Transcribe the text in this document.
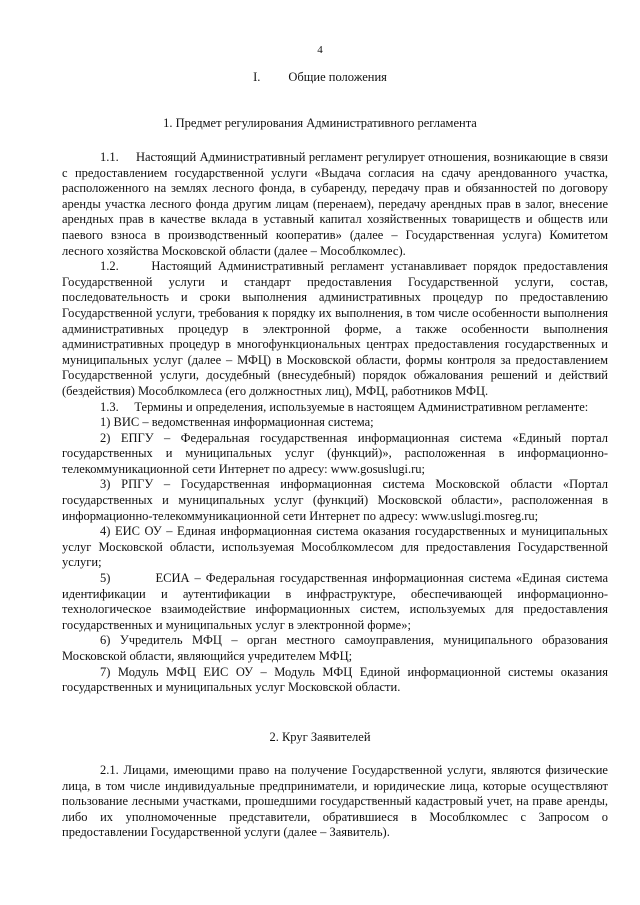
4
I. Общие положения
1. Предмет регулирования Административного регламента

1.1.     Настоящий Административный регламент регулирует отношения, возникающие в связи с предоставлением государственной услуги «Выдача согласия на сдачу арендованного участка, расположенного на землях лесного фонда, в субаренду, передачу прав и обязанностей по договору аренды участка лесного фонда другим лицам (перенаем), передачу арендных прав в залог, внесение арендных прав в качестве вклада в уставный капитал хозяйственных товариществ и обществ или паевого взноса в производственный кооператив» (далее – Государственная услуга) Комитетом лесного хозяйства Московской области (далее – Мособлкомлес).

1.2.     Настоящий Административный регламент устанавливает порядок предоставления Государственной услуги и стандарт предоставления Государственной услуги, состав, последовательность и сроки выполнения административных процедур по предоставлению Государственной услуги, требования к порядку их выполнения, в том числе особенности выполнения административных процедур в электронной форме, а также особенности выполнения административных процедур в многофункциональных центрах предоставления государственных и муниципальных услуг (далее – МФЦ) в Московской области, формы контроля за предоставлением Государственной услуги, досудебный (внесудебный) порядок обжалования решений и действий (бездействия) Мособлкомлеса (его должностных лиц), МФЦ, работников МФЦ.

1.3.     Термины и определения, используемые в настоящем Административном регламенте:

1) ВИС – ведомственная информационная система;

2) ЕПГУ – Федеральная государственная информационная система «Единый портал государственных и муниципальных услуг (функций)», расположенная в информационно-телекоммуникационной сети Интернет по адресу: www.gosuslugi.ru;

3) РПГУ – Государственная информационная система Московской области «Портал государственных и муниципальных услуг (функций) Московской области», расположенная в информационно-телекоммуникационной сети Интернет по адресу: www.uslugi.mosreg.ru;

4) ЕИС ОУ – Единая информационная система оказания государственных и муниципальных услуг Московской области, используемая Мособлкомлесом для предоставления Государственной услуги;

5)         ЕСИА – Федеральная государственная информационная система «Единая система идентификации и аутентификации в инфраструктуре, обеспечивающей информационно-технологическое взаимодействие информационных систем, используемых для предоставления государственных и муниципальных услуг в электронной форме»;

6) Учредитель МФЦ – орган местного самоуправления, муниципального образования Московской области, являющийся учредителем МФЦ;

7) Модуль МФЦ ЕИС ОУ – Модуль МФЦ Единой информационной системы оказания государственных и муниципальных услуг Московской области.

2. Круг Заявителей

2.1. Лицами, имеющими право на получение Государственной услуги, являются физические лица, в том числе индивидуальные предприниматели, и юридические лица, которые осуществляют пользование лесными участками, прошедшими государственный кадастровый учет, на праве аренды, либо их уполномоченные представители, обратившиеся в Мособлкомлес с Запросом о предоставлении Государственной услуги (далее – Заявитель).
